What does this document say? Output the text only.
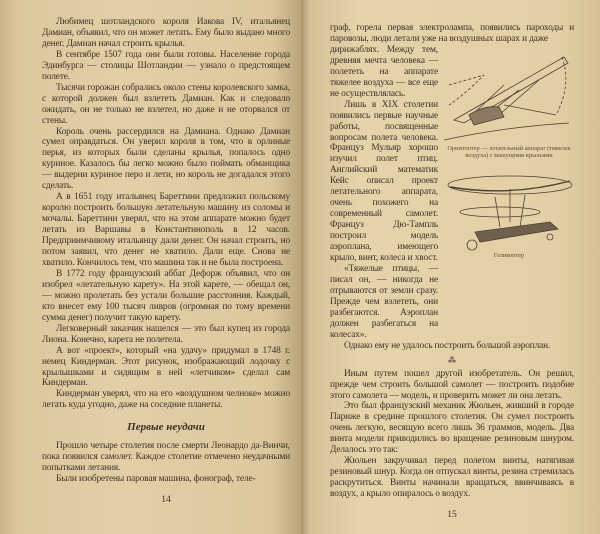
Любимец шотландского короля Иакова IV, итальянец Дамиан, объявил, что он может летать. Ему было выдано много денег. Дамиан начал строить крылья.

В сентябре 1507 года они были готовы. Население города Эдинбурга — столицы Шотландии — узнало о предстоящем полете.

Тысячи горожан собрались около стены королевского замка, с которой должен был взлететь Дамиан. Как и следовало ожидать, он не только не взлетел, но даже и не оторвался от стены.

Король очень рассердился на Дамиана. Однако Дамиан сумел оправдаться. Он уверил короля в том, что в орлиные перья, из которых были сделаны крылья, попалось одно куриное. Казалось бы легко можно было поймать обманщика — выдерни куриное перо и лети, но король не догадался этого сделать.

А в 1651 году итальянец Бареттини предложил польскому королю построить большую летательную машину из соломы и мочалы. Бареттини уверял, что на этом аппарате можно будет летать из Варшавы в Константинополь в 12 часов. Предприимчивому итальянцу дали денег. Он начал строить, но потом заявил, что денег не хватило. Дали еще. Снова не хватило. Кончилось тем, что машина так и не была построена.

В 1772 году французский аббат Дефорж объявил, что он изобрел «летательную карету». На этой карете, — обещал он, — можно пролетать без устали большие расстояния. Каждый, кто внесет ему 100 тысяч ливров (огромная по тому времени сумма денег) получит такую карету.

Легковерный заказчик нашелся — это был купец из города Лиона. Конечно, карета не полетела.

А вот «проект», который «на удачу» придумал в 1748 г. немец Киндерман. Этот рисунок, изображающий лодочку с крылышками и сидящим в ней «летчиком» сделал сам Киндерман.

Киндерман уверял, что на его «воздушном челноке» можно летать куда угодно, даже на соседние планеты.

Первые неудачи

Прошло четыре столетия после смерти Леонардо да-Винчи, пока появился самолет. Каждое столетие отмечено неудачными попытками летания.

Были изобретены паровая машина, фонограф, теле-

14

граф, горела первая электролампа, появились пароходы и паровозы, люди летали уже на воздушных шарах и даже

дирижаблях. Между тем, древняя мечта человека — полететь на аппарате тяжелее воздуха — все еще не осуществлялась.

Лишь в XIX столетии появились первые научные работы, посвященные вопросам полета человека. Француз Мульяр хорошо изучил полет птиц. Английский математик Кейс описал проект летательного аппарата, очень похожего на современный самолет. Француз Дю-Тампль построил модель аэроплана, имеющего крыло, винт, колеса и хвост.

«Тяжелые птицы, — писал он, — никогда не отрываются от земли сразу. Прежде чем взлететь, они разбегаются. Аэроплан должен разбегаться на колесах».

Орнитоптер — летательный аппарат (тяжелее воздуха) с машущими крыльями
Геликоптер

Однако ему не удалось построить большой аэроплан.

⁂

Иным путем пошел другой изобретатель. Он решил, прежде чем строить большой самолет — построить подобие этого самолета — модель, и проверить может ли она летать.

Это был французский механик Жюльен, живший в городе Париже в средине прошлого столетия. Он сумел построить очень легкую, весящую всего лишь 36 граммов, модель. Два винта модели приводились во вращение резиновым шнуром. Делалось это так:

Жюльен закручивал перед полетом винты, натягивая резиновый шнур. Когда он отпускал винты, резина стремилась раскрутиться. Винты начинали вращаться, ввинчиваясь в воздух, а крыло опиралось о воздух.

15
